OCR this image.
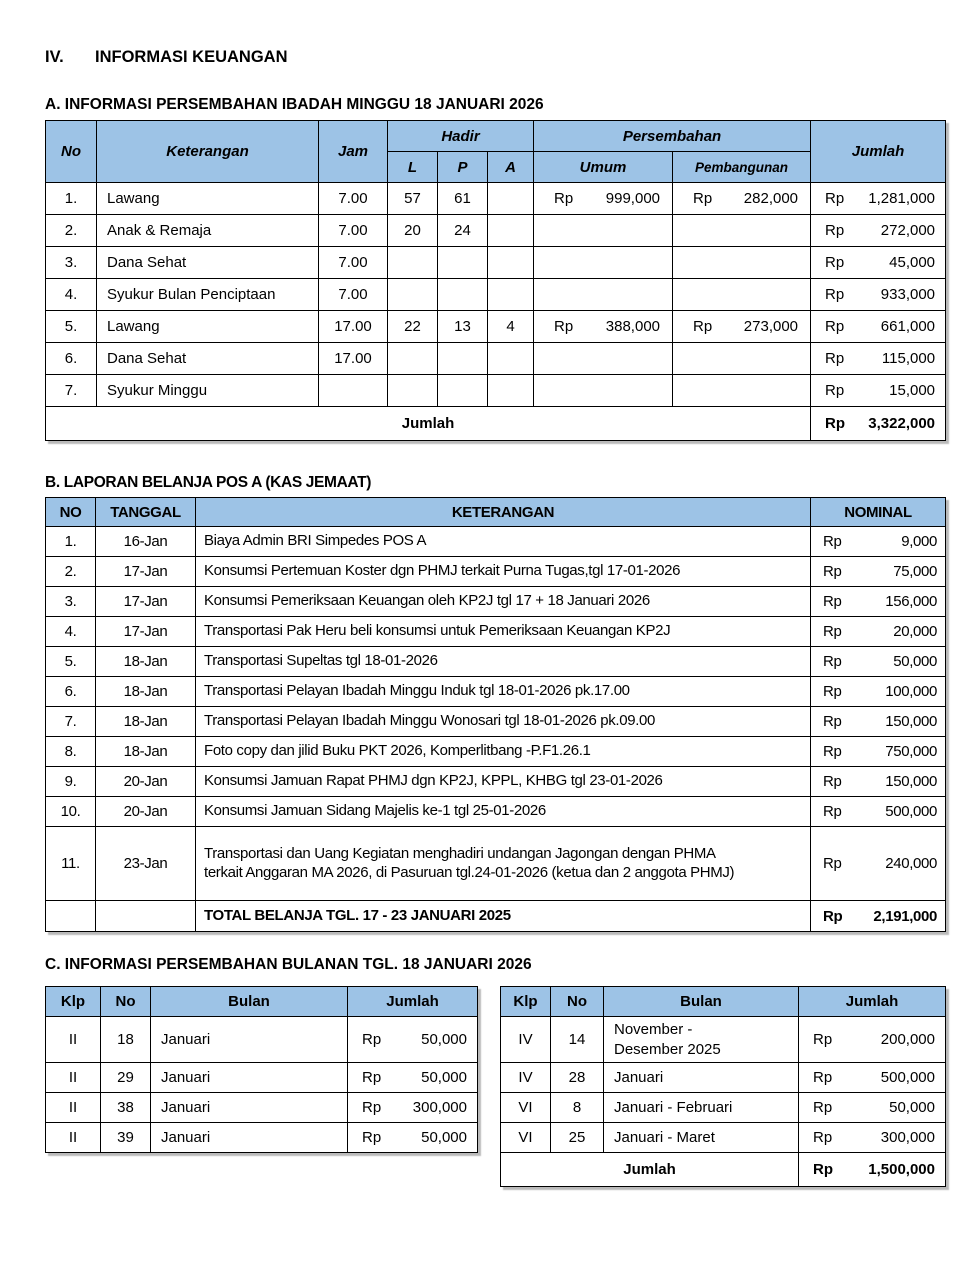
IV. INFORMASI KEUANGAN
A. INFORMASI PERSEMBAHAN IBADAH MINGGU 18 JANUARI 2026
No	Keterangan	Jam	Hadir			Persembahan		Jumlah
			L	P	A	Umum	Pembangunan	
1.	Lawang	7.00	57	61		Rp 999,000	Rp 282,000	Rp 1,281,000

2.	Anak & Remaja	7.00	20	24				Rp 272,000

3.	Dana Sehat	7.00						Rp 45,000

4.	Syukur Bulan Penciptaan	7.00						Rp 933,000

5.	Lawang	17.00	22	13	4	Rp 388,000	Rp 273,000	Rp 661,000

6.	Dana Sehat	17.00						Rp 115,000

7.	Syukur Minggu							Rp 15,000

Jumlah								Rp 3,322,000
B. LAPORAN BELANJA POS A (KAS JEMAAT)
NO	TANGGAL	KETERANGAN	NOMINAL
1.	16-Jan	Biaya Admin BRI Simpedes POS A	Rp 9,000

2.	17-Jan	Konsumsi Pertemuan Koster dgn PHMJ terkait Purna Tugas,tgl 17-01-2026	Rp 75,000

3.	17-Jan	Konsumsi Pemeriksaan Keuangan oleh KP2J tgl 17 + 18 Januari 2026	Rp 156,000

4.	17-Jan	Transportasi Pak Heru beli konsumsi untuk Pemeriksaan Keuangan KP2J	Rp 20,000

5.	18-Jan	Transportasi Supeltas tgl 18-01-2026	Rp 50,000

6.	18-Jan	Transportasi Pelayan Ibadah Minggu Induk tgl 18-01-2026 pk.17.00	Rp 100,000

7.	18-Jan	Transportasi Pelayan Ibadah Minggu Wonosari tgl 18-01-2026 pk.09.00	Rp 150,000

8.	18-Jan	Foto copy dan jilid Buku PKT 2026, Komperlitbang -P.F1.26.1	Rp 750,000

9.	20-Jan	Konsumsi Jamuan Rapat PHMJ dgn KP2J, KPPL, KHBG tgl 23-01-2026	Rp 150,000

10.	20-Jan	Konsumsi Jamuan Sidang Majelis ke-1 tgl 25-01-2026	Rp 500,000

11.	23-Jan	Transportasi dan Uang Kegiatan menghadiri undangan Jagongan dengan PHMA terkait Anggaran MA 2026, di Pasuruan tgl.24-01-2026 (ketua dan 2 anggota PHMJ)	Rp 240,000

		TOTAL BELANJA TGL. 17 - 23 JANUARI 2025	Rp 2,191,000
C. INFORMASI PERSEMBAHAN BULANAN TGL. 18 JANUARI 2026
Klp	No	Bulan	Jumlah
II	18	Januari	Rp 50,000

II	29	Januari	Rp 50,000

II	38	Januari	Rp 300,000

II	39	Januari	Rp 50,000
Klp	No	Bulan	Jumlah
IV	14	November - Desember 2025	Rp 200,000

IV	28	Januari	Rp 500,000

VI	8	Januari - Februari	Rp 50,000

VI	25	Januari - Maret	Rp 300,000

Jumlah			Rp 1,500,000
